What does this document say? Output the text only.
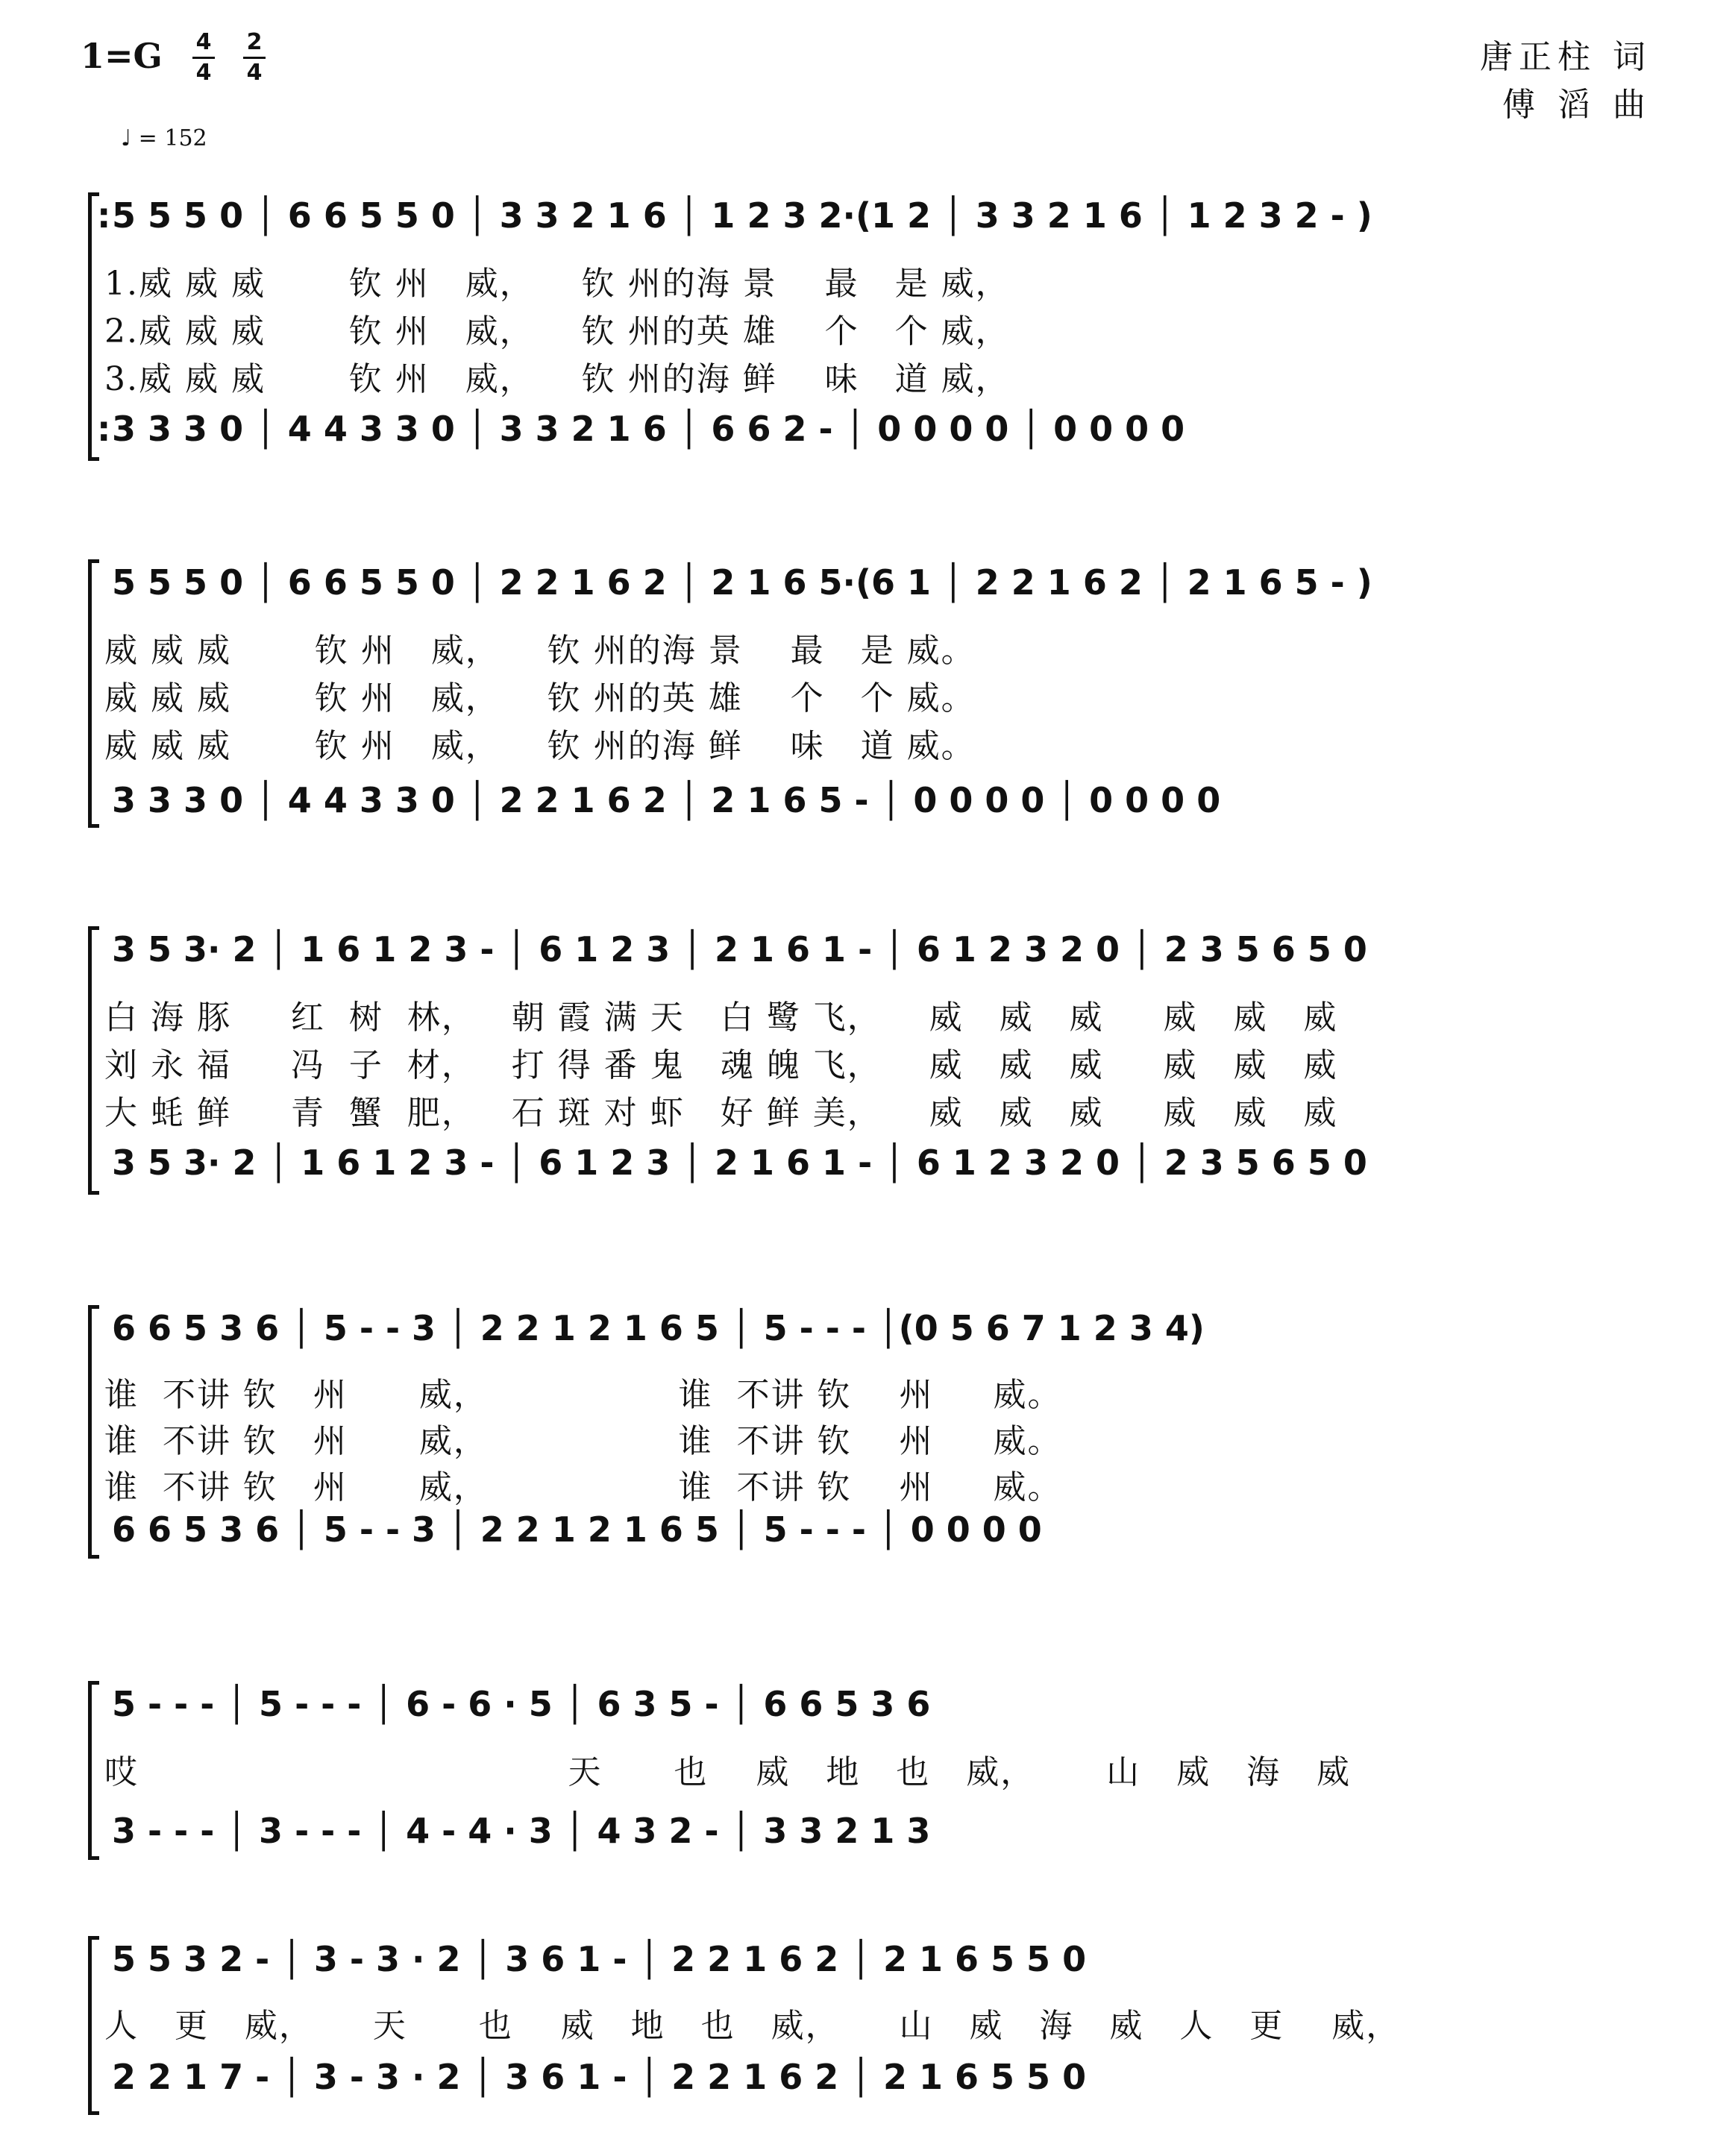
1=G 4
4
2
4
♩ = 152
唐正柱 词
傅 滔 曲
: 5 5 5 0 │ 6 6 5 5 0 │ 3 3 2 1 6 │ 1 2 3 2·(1 2 │ 3 3 2 1 6 │ 1 2 3 2 - )
1.威 威 威       钦 州   威，    钦 州的海 景    最   是 威，
2.威 威 威       钦 州   威，    钦 州的英 雄    个   个 威，
3.威 威 威       钦 州   威，    钦 州的海 鲜    味   道 威，
: 3 3 3 0 │ 4 4 3 3 0 │ 3 3 2 1 6 │ 6 6 2 - │ 0 0 0 0 │ 0 0 0 0
5 5 5 0 │ 6 6 5 5 0 │ 2 2 1 6 2 │ 2 1 6 5·(6 1 │ 2 2 1 6 2 │ 2 1 6 5 - )
威 威 威       钦 州   威，    钦 州的海 景    最   是 威。
威 威 威       钦 州   威，    钦 州的英 雄    个   个 威。
威 威 威       钦 州   威，    钦 州的海 鲜    味   道 威。
3 3 3 0 │ 4 4 3 3 0 │ 2 2 1 6 2 │ 2 1 6 5 - │ 0 0 0 0 │ 0 0 0 0
3 5 3· 2 │ 1 6 1 2 3 - │ 6 1 2 3 │ 2 1 6 1 - │ 6 1 2 3 2 0 │ 2 3 5 6 5 0
白 海 豚     红  树  林，   朝 霞 满 天   白 鹭 飞，    威   威   威     威   威   威
刘 永 福     冯  子  材，   打 得 番 鬼   魂 魄 飞，    威   威   威     威   威   威
大 蚝 鲜     青  蟹  肥，   石 斑 对 虾   好 鲜 美，    威   威   威     威   威   威
3 5 3· 2 │ 1 6 1 2 3 - │ 6 1 2 3 │ 2 1 6 1 - │ 6 1 2 3 2 0 │ 2 3 5 6 5 0
6 6 5 3 6 │ 5 - - 3 │ 2 2 1 2 1 6 5 │ 5 - - - │(0 5 6 7 1 2 3 4)
谁  不讲 钦   州      威，                谁  不讲 钦    州     威。
谁  不讲 钦   州      威，                谁  不讲 钦    州     威。
谁  不讲 钦   州      威，                谁  不讲 钦    州     威。
6 6 5 3 6 │ 5 - - 3 │ 2 2 1 2 1 6 5 │ 5 - - - │ 0 0 0 0
5 - - - │ 5 - - - │ 6 - 6 · 5 │ 6 3 5 - │ 6 6 5 3 6
哎                                    天      也    威   地   也   威，      山   威   海   威
3 - - - │ 3 - - - │ 4 - 4 · 3 │ 4 3 2 - │ 3 3 2 1 3
5 5 3 2 - │ 3 - 3 · 2 │ 3 6 1 - │ 2 2 1 6 2 │ 2 1 6 5 5 0
人   更   威，     天      也    威   地   也   威，     山   威   海   威   人   更    威，
2 2 1 7 - │ 3 - 3 · 2 │ 3 6 1 - │ 2 2 1 6 2 │ 2 1 6 5 5 0
